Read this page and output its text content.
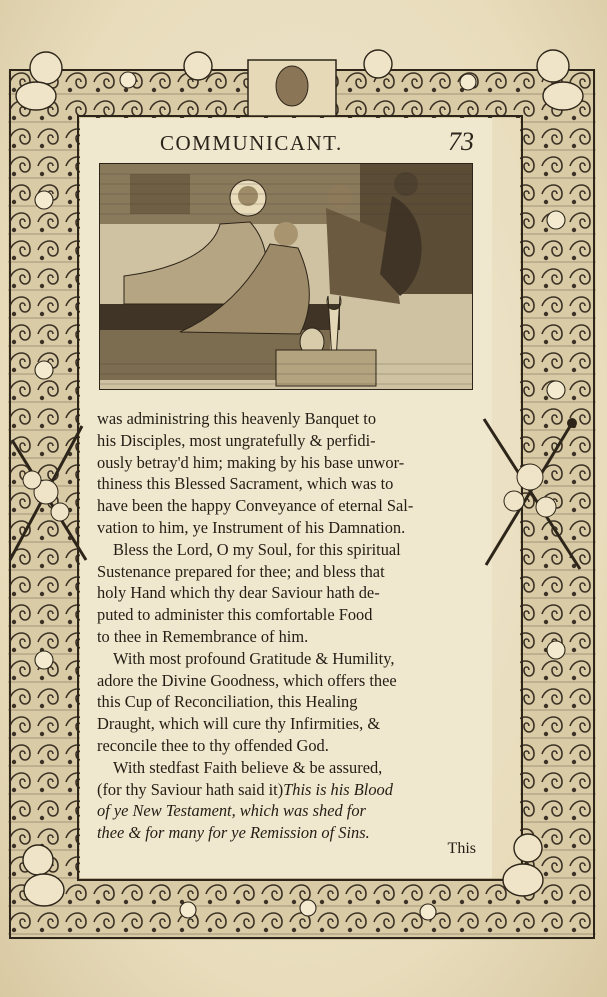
COMMUNICANT.	73
was administring this heavenly Banquet to
his Disciples, most ungratefully & perfidi-
ously betray'd him; making by his base unwor-
thiness this Blessed Sacrament, which was to
have been the happy Conveyance of eternal Sal-
vation to him, ye Instrument of his Damnation.
Bless the Lord, O my Soul, for this spiritual
Sustenance prepared for thee; and bless that
holy Hand which thy dear Saviour hath de-
puted to administer this comfortable Food
to thee in Remembrance of him.
With most profound Gratitude & Humility,
adore the Divine Goodness, which offers thee
this Cup of Reconciliation, this Healing
Draught, which will cure thy Infirmities, &
reconcile thee to thy offended God.
With stedfast Faith believe & be assured,
(for thy Saviour hath said it)This is his Blood
of ye New Testament, which was shed for
thee & for many for ye Remission of Sins.
This
